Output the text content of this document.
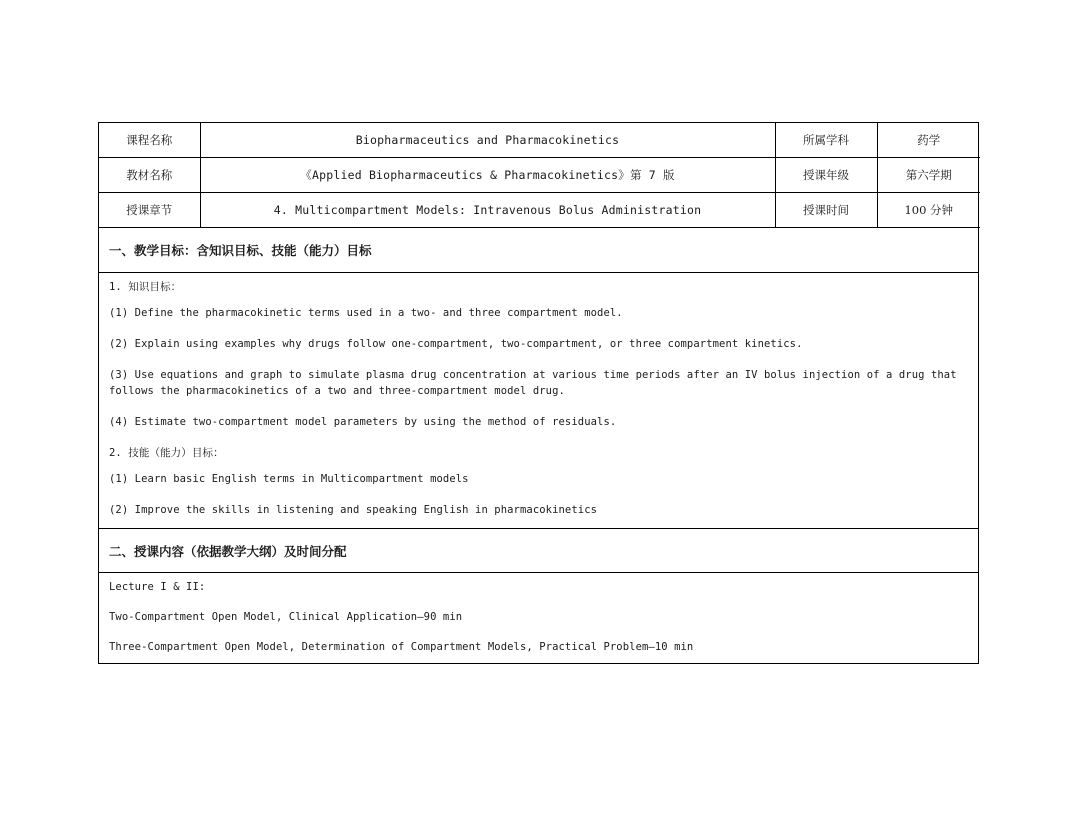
课程名称	Biopharmaceutics and Pharmacokinetics	所属学科	药学
教材名称	《Applied Biopharmaceutics & Pharmacokinetics》第 7 版	授课年级	第六学期
授课章节	4. Multicompartment Models: Intravenous Bolus Administration	授课时间	100 分钟
一、教学目标：含知识目标、技能（能力）目标

1. 知识目标：

(1) Define the pharmacokinetic terms used in a two- and three compartment model.

(2) Explain using examples why drugs follow one-compartment, two-compartment, or three compartment kinetics.

(3) Use equations and graph to simulate plasma drug concentration at various time periods after an IV bolus injection of a drug that follows the pharmacokinetics of a two and three-compartment model drug.

(4) Estimate two-compartment model parameters by using the method of residuals.

2. 技能（能力）目标：

(1) Learn basic English terms in Multicompartment models

(2) Improve the skills in listening and speaking English in pharmacokinetics

二、授课内容（依据教学大纲）及时间分配

Lecture I & II:

Two-Compartment Open Model, Clinical Application—90 min

Three-Compartment Open Model, Determination of Compartment Models, Practical Problem—10 min
